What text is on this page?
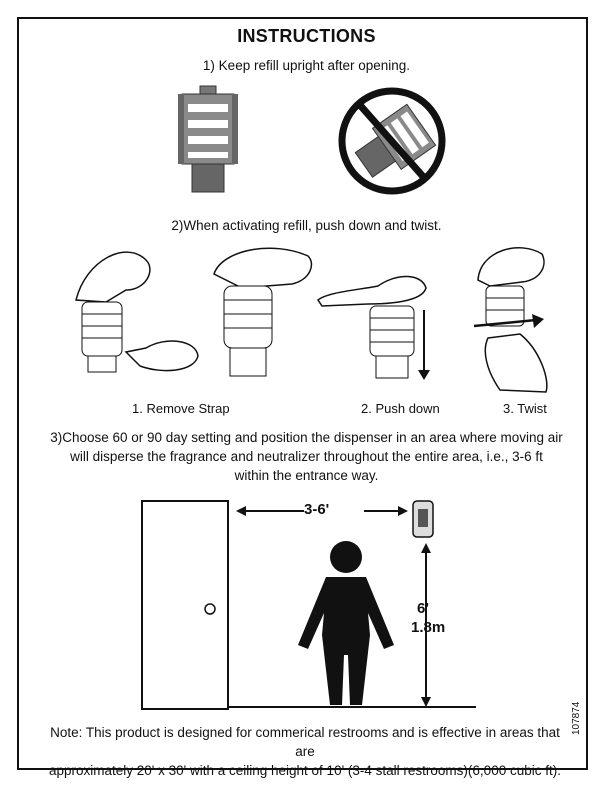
INSTRUCTIONS
1) Keep refill upright after opening.
2)When activating refill, push down and twist.
1. Remove Strap	2. Push down	3. Twist
3)Choose 60 or 90 day setting and position the dispenser in an area where moving air
will disperse the fragrance and neutralizer throughout the entire area, i.e., 3-6 ft
within the entrance way.
3-6'
6'
1.8m
Note: This product is designed for commerical restrooms and is effective in areas that are
approximately 20' x 30' with a ceiling height of 10' (3-4 stall restrooms)(6,000 cubic ft).
107874
